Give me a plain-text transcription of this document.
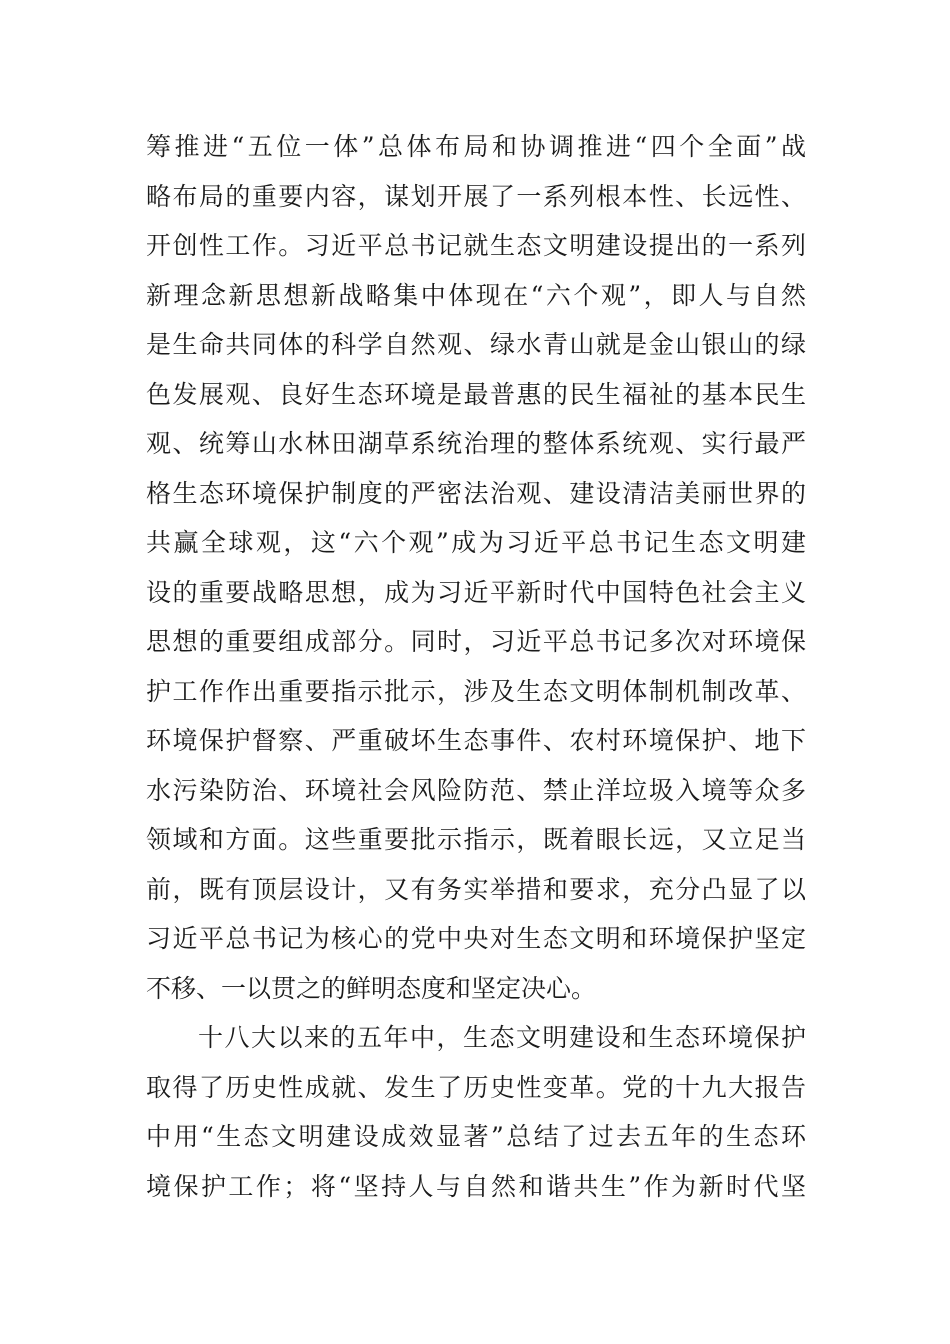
筹推进“五位一体”总体布局和协调推进“四个全面”战
略布局的重要内容，谋划开展了一系列根本性、长远性、
开创性工作。习近平总书记就生态文明建设提出的一系列
新理念新思想新战略集中体现在“六个观”，即人与自然
是生命共同体的科学自然观、绿水青山就是金山银山的绿
色发展观、良好生态环境是最普惠的民生福祉的基本民生
观、统筹山水林田湖草系统治理的整体系统观、实行最严
格生态环境保护制度的严密法治观、建设清洁美丽世界的
共赢全球观，这“六个观”成为习近平总书记生态文明建
设的重要战略思想，成为习近平新时代中国特色社会主义
思想的重要组成部分。同时，习近平总书记多次对环境保
护工作作出重要指示批示，涉及生态文明体制机制改革、
环境保护督察、严重破坏生态事件、农村环境保护、地下
水污染防治、环境社会风险防范、禁止洋垃圾入境等众多
领域和方面。这些重要批示指示，既着眼长远，又立足当
前，既有顶层设计，又有务实举措和要求，充分凸显了以
习近平总书记为核心的党中央对生态文明和环境保护坚定
不移、一以贯之的鲜明态度和坚定决心。
十八大以来的五年中，生态文明建设和生态环境保护
取得了历史性成就、发生了历史性变革。党的十九大报告
中用“生态文明建设成效显著”总结了过去五年的生态环
境保护工作；将“坚持人与自然和谐共生”作为新时代坚
